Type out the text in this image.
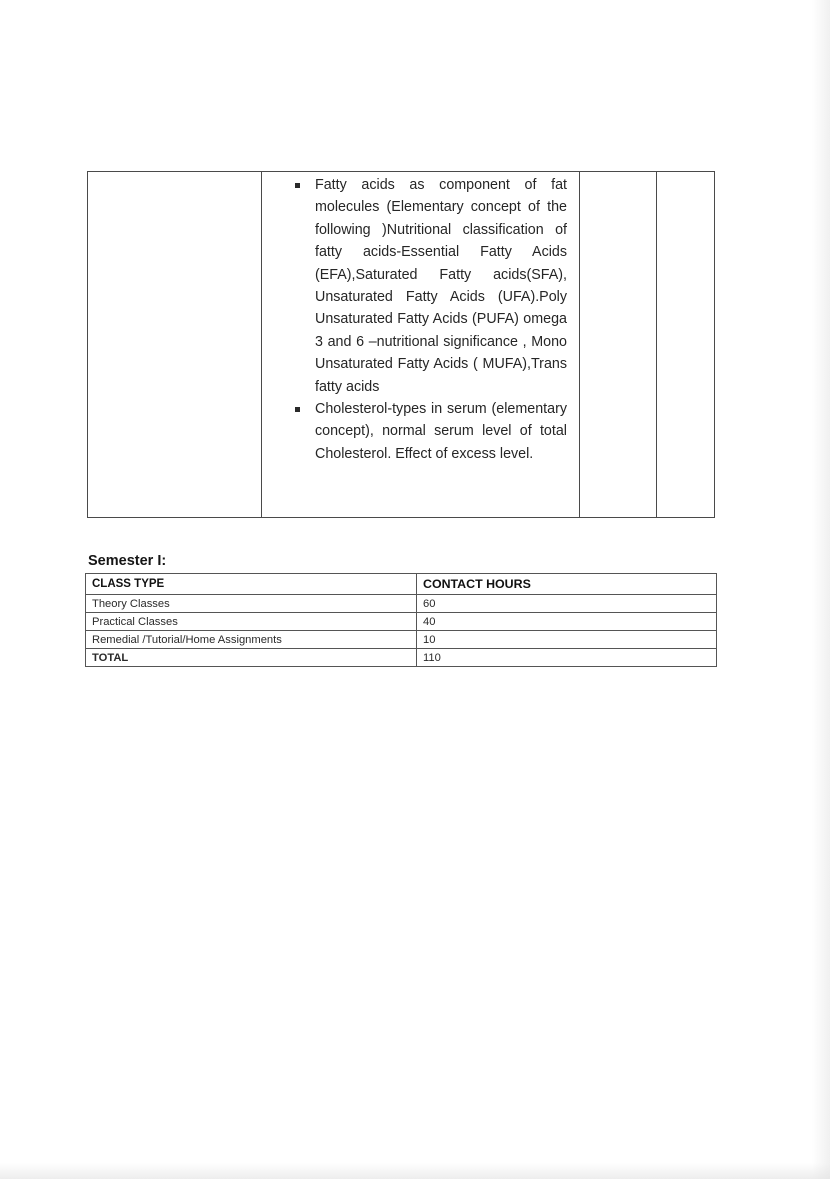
Fatty acids as component of fat molecules (Elementary concept of the following )Nutritional classification of fatty acids-Essential Fatty Acids (EFA),Saturated Fatty acids(SFA), Unsaturated Fatty Acids (UFA).Poly Unsaturated Fatty Acids (PUFA) omega 3 and 6 –nutritional significance , Mono Unsaturated Fatty Acids ( MUFA),Trans fatty acids
Cholesterol-types in serum (elementary concept), normal serum level of total Cholesterol. Effect of excess level.

Semester I:

CLASS TYPE	CONTACT HOURS
Theory Classes	60
Practical Classes	40
Remedial /Tutorial/Home Assignments	10
TOTAL	110
